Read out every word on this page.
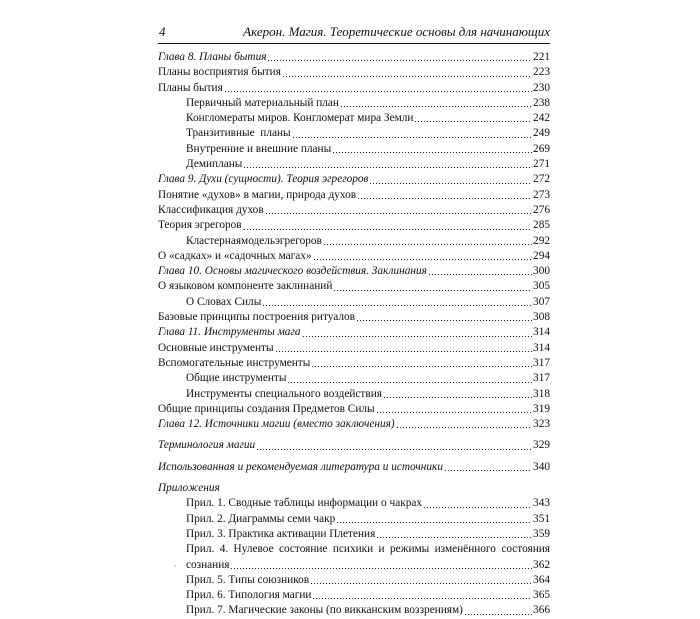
4	Акерон. Магия. Теоретические основы для начинающих
Глава 8. Планы бытия	221
Планы восприятия бытия	223
Планы бытия	230
Первичный материальный план	238
Конгломераты миров. Конгломерат мира Земли	242
Транзитивные  планы	249
Внутренние и внешние планы	269
Демипланы	271
Глава 9. Духи (сущности). Теория эгрегоров	272
Понятие «духов» в магии, природа духов	273
Классификация духов	276
Теория эгрегоров	285
Кластернаямодельэгрегоров	292
О «садках» и «садочных магах»	294
Глава 10. Основы магического воздействия. Заклинания	300
О языковом компоненте заклинаний	305
О Словах Силы	307
Базовые принципы построения ритуалов	308
Глава 11. Инструменты мага	314
Основные инструменты	314
Вспомогательные инструменты	317
Общие инструменты	317
Инструменты специального воздействия	318
Общие принципы создания Предметов Силы	319
Глава 12. Источники магии (вместо заключения)	323
Терминология магии	329
Использованная и рекомендуемая литература и источники	340
Приложения
Прил. 1. Сводные таблицы информации о чакрах	343
Прил. 2. Диаграммы семи чакр	351
Прил. 3. Практика активации Плетения	359
Прил. 4. Нулевое состояние психики и режимы изменённого состояния
сознания	362
Прил. 5. Типы союзников	364
Прил. 6. Типология магии	365
Прил. 7. Магические законы (по викканским воззрениям)	366
·
